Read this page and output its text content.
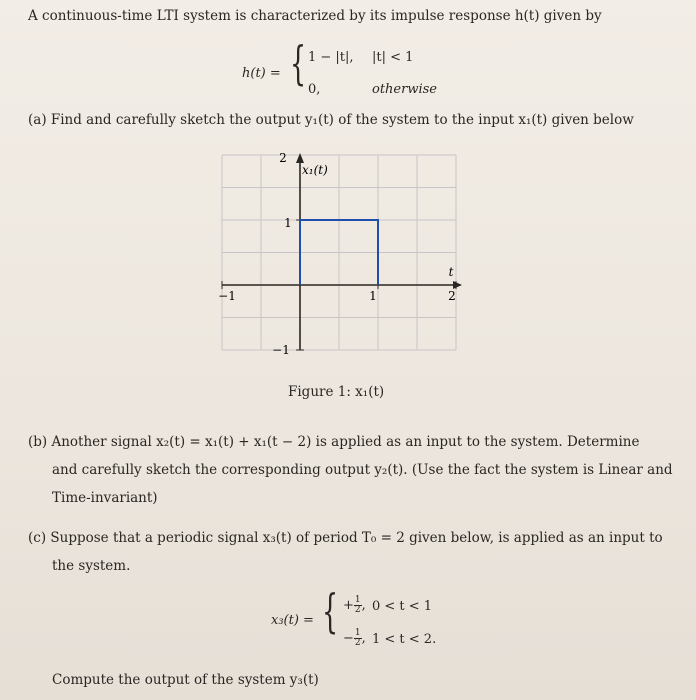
A continuous-time LTI system is characterized by its impulse response h(t) given by
h(t) = { 1 − |t|, |t| < 1
0,	otherwise
(a) Find and carefully sketch the output y₁(t) of the system to the input x₁(t) given below
2
1
−1
−1	1	2
t
x₁(t)
Figure 1: x₁(t)
(b) Another signal x₂(t) = x₁(t) + x₁(t − 2) is applied as an input to the system. Determine
and carefully sketch the corresponding output y₂(t). (Use the fact the system is Linear and
Time-invariant)
(c) Suppose that a periodic signal x₃(t) of period T₀ = 2 given below, is applied as an input to
the system.
x₃(t) = { + $\frac{1}{2}$ , 0 < t < 1
− $\frac{1}{2}$ , 1 < t < 2.
Compute the output of the system y₃(t)
